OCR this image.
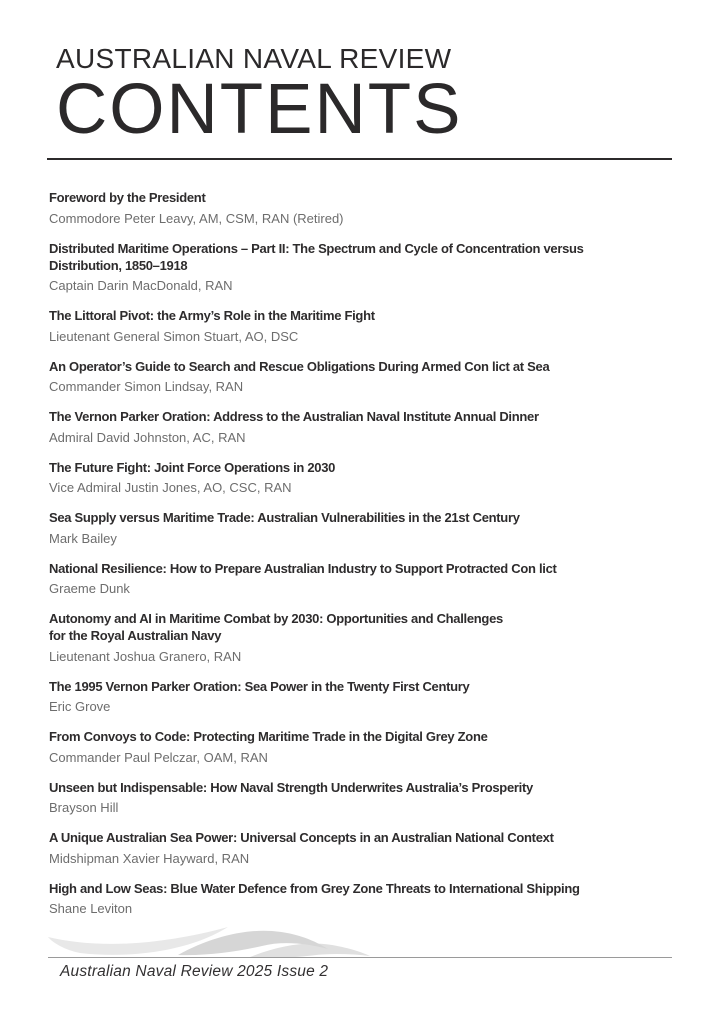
AUSTRALIAN NAVAL REVIEW
CONTENTS
Foreword by the President
Commodore Peter Leavy, AM, CSM, RAN (Retired)
Distributed Maritime Operations – Part II: The Spectrum and Cycle of Concentration versus
Distribution, 1850–1918
Captain Darin MacDonald, RAN
The Littoral Pivot: the Army’s Role in the Maritime Fight
Lieutenant General Simon Stuart, AO, DSC
An Operator’s Guide to Search and Rescue Obligations During Armed Con lict at Sea
Commander Simon Lindsay, RAN
The Vernon Parker Oration: Address to the Australian Naval Institute Annual Dinner
Admiral David Johnston, AC, RAN
The Future Fight: Joint Force Operations in 2030
Vice Admiral Justin Jones, AO, CSC, RAN
Sea Supply versus Maritime Trade: Australian Vulnerabilities in the 21st Century
Mark Bailey
National Resilience: How to Prepare Australian Industry to Support Protracted Con lict
Graeme Dunk
Autonomy and AI in Maritime Combat by 2030: Opportunities and Challenges
for the Royal Australian Navy
Lieutenant Joshua Granero, RAN
The 1995 Vernon Parker Oration: Sea Power in the Twenty First Century
Eric Grove
From Convoys to Code: Protecting Maritime Trade in the Digital Grey Zone
Commander Paul Pelczar, OAM, RAN
Unseen but Indispensable: How Naval Strength Underwrites Australia’s Prosperity
Brayson Hill
A Unique Australian Sea Power: Universal Concepts in an Australian National Context
Midshipman Xavier Hayward, RAN
High and Low Seas: Blue Water Defence from Grey Zone Threats to International Shipping
Shane Leviton
Australian Naval Review 2025 Issue 2
